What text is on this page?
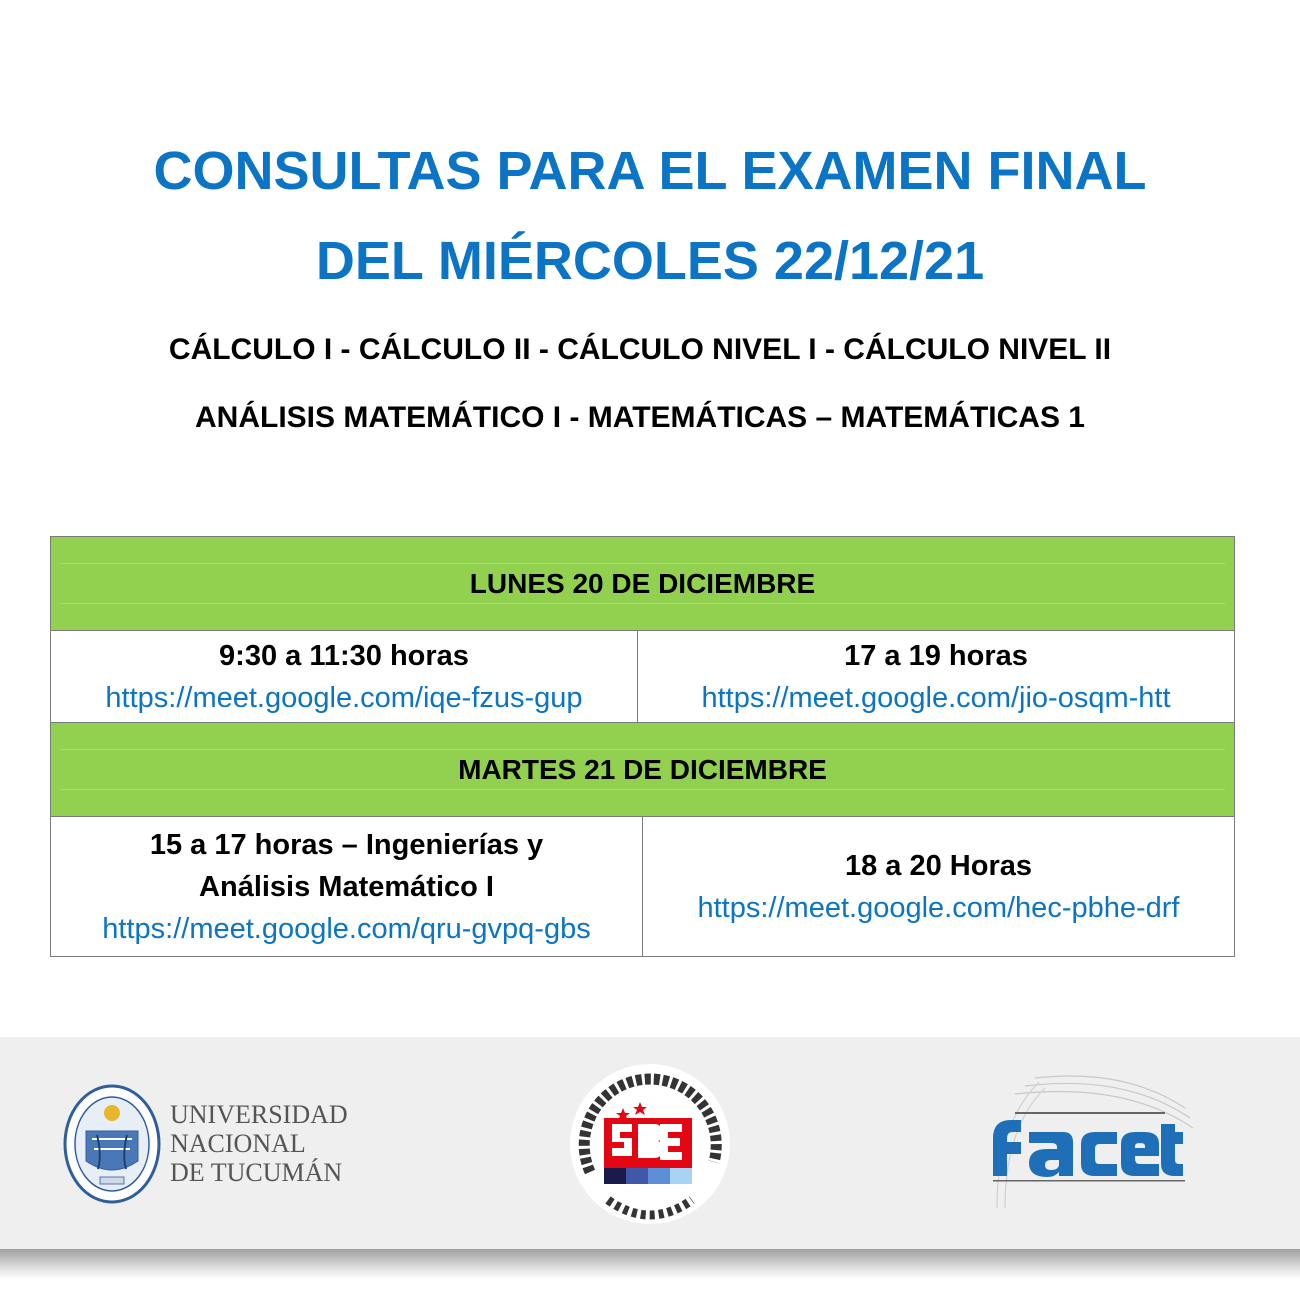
CONSULTAS PARA EL EXAMEN FINAL
DEL MIÉRCOLES 22/12/21
CÁLCULO I - CÁLCULO II - CÁLCULO NIVEL I - CÁLCULO NIVEL II
ANÁLISIS MATEMÁTICO I - MATEMÁTICAS – MATEMÁTICAS 1
LUNES 20 DE DICIEMBRE
9:30 a 11:30 horas
https://meet.google.com/iqe-fzus-gup
17 a 19 horas
https://meet.google.com/jio-osqm-htt
MARTES 21 DE DICIEMBRE
15 a 17 horas – Ingenierías y
Análisis Matemático I
https://meet.google.com/qru-gvpq-gbs
18 a 20 Horas
https://meet.google.com/hec-pbhe-drf
UNIVERSIDAD
NACIONAL
DE TUCUMÁN
